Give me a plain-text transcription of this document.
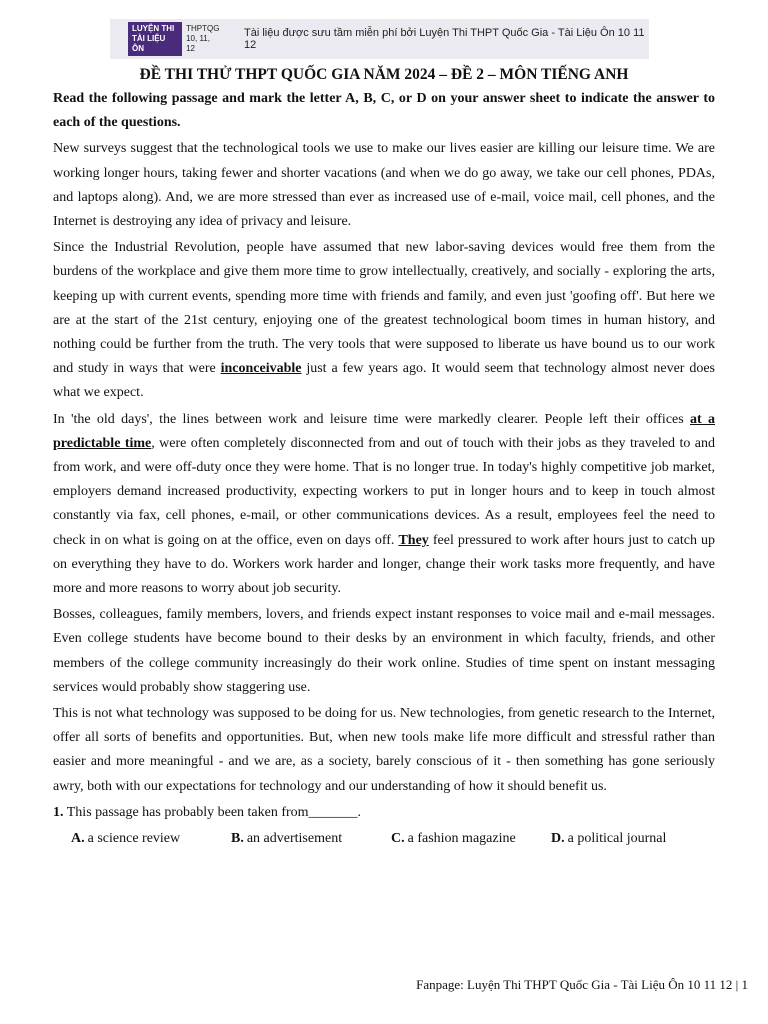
LUYỆN THI
TÀI LIỆU ÔN
THPTQG
10, 11, 12
Tài liệu được sưu tầm miễn phí bởi Luyện Thi THPT Quốc Gia - Tài Liệu Ôn 10 11 12
ĐỀ THI THỬ THPT QUỐC GIA NĂM 2024 – ĐỀ 2 – MÔN TIẾNG ANH

Read the following passage and mark the letter A, B, C, or D on your answer sheet to indicate the answer to each of the questions.

New surveys suggest that the technological tools we use to make our lives easier are killing our leisure time. We are working longer hours, taking fewer and shorter vacations (and when we do go away, we take our cell phones, PDAs, and laptops along). And, we are more stressed than ever as increased use of e-mail, voice mail, cell phones, and the Internet is destroying any idea of privacy and leisure.

Since the Industrial Revolution, people have assumed that new labor-saving devices would free them from the burdens of the workplace and give them more time to grow intellectually, creatively, and socially - exploring the arts, keeping up with current events, spending more time with friends and family, and even just 'goofing off'. But here we are at the start of the 21st century, enjoying one of the greatest technological boom times in human history, and nothing could be further from the truth. The very tools that were supposed to liberate us have bound us to our work and study in ways that were inconceivable just a few years ago. It would seem that technology almost never does what we expect.

In 'the old days', the lines between work and leisure time were markedly clearer. People left their offices at a predictable time, were often completely disconnected from and out of touch with their jobs as they traveled to and from work, and were off-duty once they were home. That is no longer true. In today's highly competitive job market, employers demand increased productivity, expecting workers to put in longer hours and to keep in touch almost constantly via fax, cell phones, e-mail, or other communications devices. As a result, employees feel the need to check in on what is going on at the office, even on days off. They feel pressured to work after hours just to catch up on everything they have to do. Workers work harder and longer, change their work tasks more frequently, and have more and more reasons to worry about job security.

Bosses, colleagues, family members, lovers, and friends expect instant responses to voice mail and e-mail messages. Even college students have become bound to their desks by an environment in which faculty, friends, and other members of the college community increasingly do their work online. Studies of time spent on instant messaging services would probably show staggering use.

This is not what technology was supposed to be doing for us. New technologies, from genetic research to the Internet, offer all sorts of benefits and opportunities. But, when new tools make life more difficult and stressful rather than easier and more meaningful - and we are, as a society, barely conscious of it - then something has gone seriously awry, both with our expectations for technology and our understanding of how it should benefit us.

1. This passage has probably been taken from_______.

A. a science review	B. an advertisement	C. a fashion magazine	D. a political journal
Fanpage: Luyện Thi THPT Quốc Gia - Tài Liệu Ôn 10 11 12 | 1
